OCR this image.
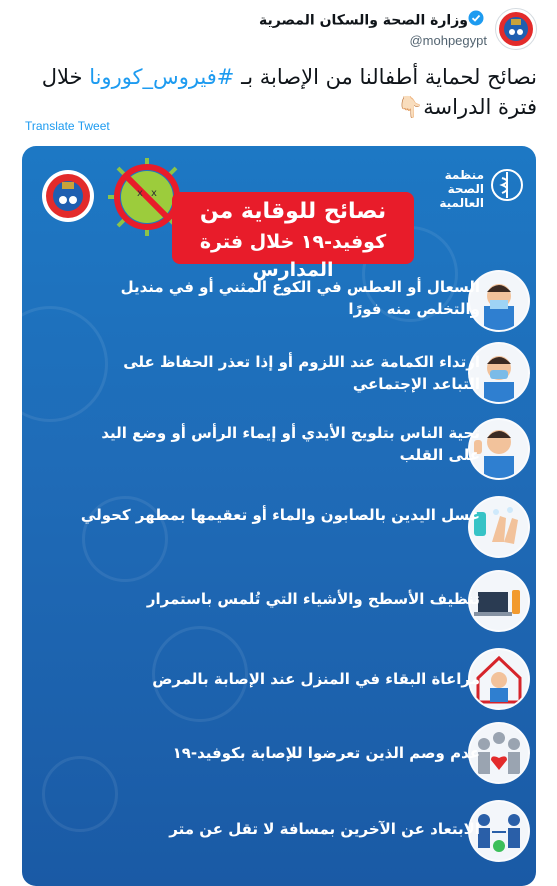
وزارة الصحة والسكان المصرية
@mohpegypt
نصائح لحماية أطفالنا من الإصابة بـ #فيروس_كورونا خلال فترة الدراسة👇🏻
Translate Tweet
x x
نصائح للوقاية من
كوفيد-١٩ خلال فترة المدارس
منظمة الصحة العالمية
السعال أو العطس في الكوع المثني أو في منديل والتخلص منه فورًا
ارتداء الكمامة عند اللزوم أو إذا تعذر الحفاظ على التباعد الإجتماعي
تحية الناس بتلويح الأيدي أو إيماء الرأس أو وضع اليد على القلب
غسل اليدين بالصابون والماء أو تعقيمها بمطهر كحولي
تنظيف الأسطح والأشياء التي تُلمس باستمرار
مراعاة البقاء في المنزل عند الإصابة بالمرض
عدم وصم الذين تعرضوا للإصابة بكوفيد-١٩
الابتعاد عن الآخرين بمسافة لا تقل عن متر
